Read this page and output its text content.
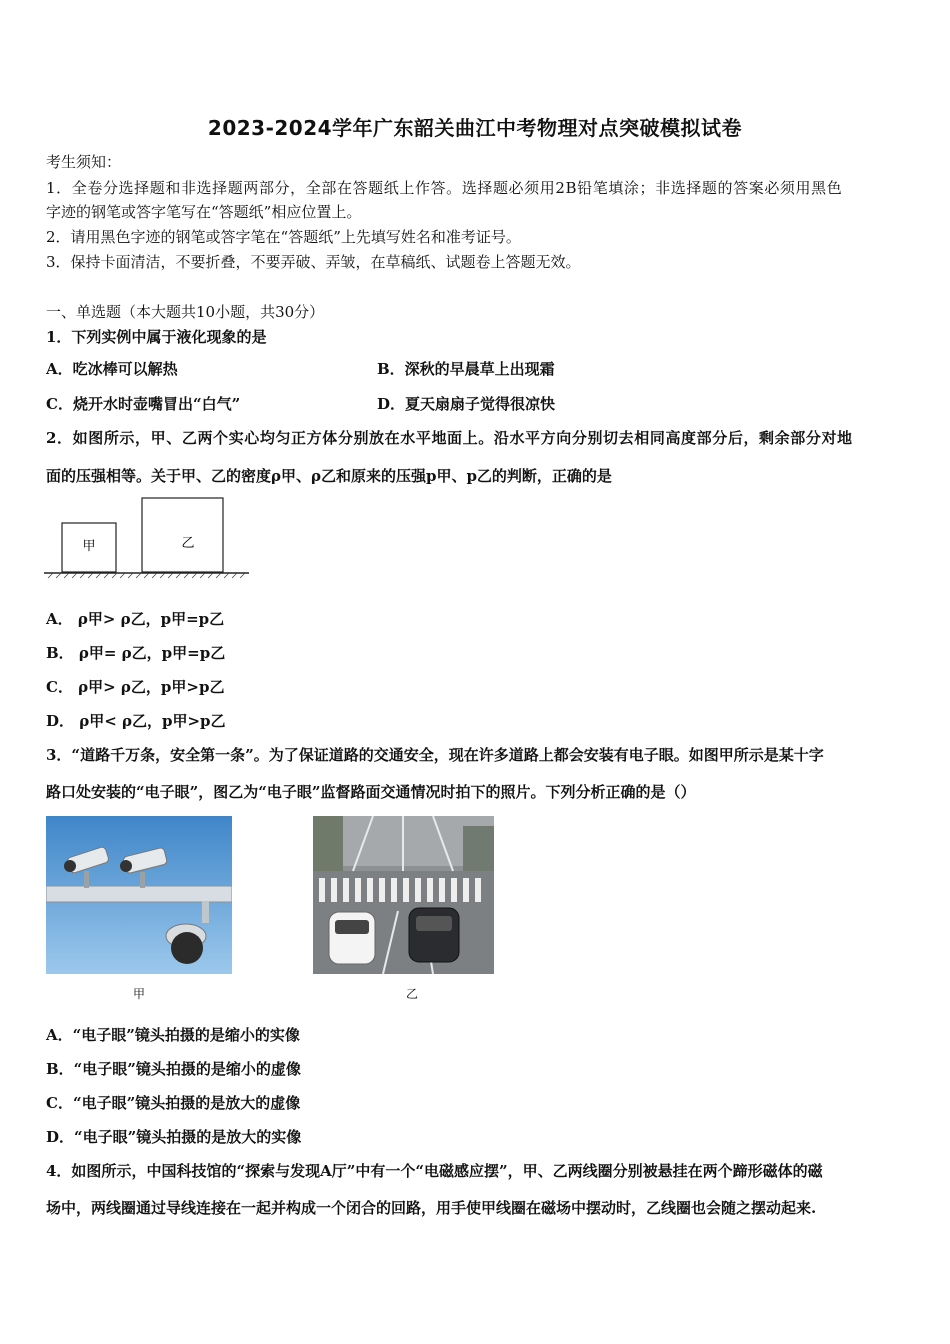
2023-2024学年广东韶关曲江中考物理对点突破模拟试卷
考生须知：
1．全卷分选择题和非选择题两部分，全部在答题纸上作答。选择题必须用2B铅笔填涂；非选择题的答案必须用黑色
字迹的钢笔或答字笔写在“答题纸”相应位置上。
2．请用黑色字迹的钢笔或答字笔在“答题纸”上先填写姓名和准考证号。
3．保持卡面清洁，不要折叠，不要弄破、弄皱，在草稿纸、试题卷上答题无效。
一、单选题（本大题共10小题，共30分）
1．下列实例中属于液化现象的是
A．吃冰棒可以解热	B．深秋的早晨草上出现霜
C．烧开水时壶嘴冒出“白气”	D．夏天扇扇子觉得很凉快
2．如图所示，甲、乙两个实心均匀正方体分别放在水平地面上。沿水平方向分别切去相同高度部分后，剩余部分对地
面的压强相等。关于甲、乙的密度ρ甲、ρ乙和原来的压强p甲、p乙的判断，正确的是
甲	乙
A． ρ甲> ρ乙，p甲=p乙
B． ρ甲= ρ乙，p甲=p乙
C． ρ甲> ρ乙，p甲>p乙
D． ρ甲< ρ乙，p甲>p乙
3．“道路千万条，安全第一条”。为了保证道路的交通安全，现在许多道路上都会安装有电子眼。如图甲所示是某十字
路口处安装的“电子眼”，图乙为“电子眼”监督路面交通情况时拍下的照片。下列分析正确的是（）
甲	乙
A．“电子眼”镜头拍摄的是缩小的实像
B．“电子眼”镜头拍摄的是缩小的虚像
C．“电子眼”镜头拍摄的是放大的虚像
D．“电子眼”镜头拍摄的是放大的实像
4．如图所示，中国科技馆的“探索与发现A厅”中有一个“电磁感应摆”，甲、乙两线圈分别被悬挂在两个蹄形磁体的磁
场中，两线圈通过导线连接在一起并构成一个闭合的回路，用手使甲线圈在磁场中摆动时，乙线圈也会随之摆动起来.
